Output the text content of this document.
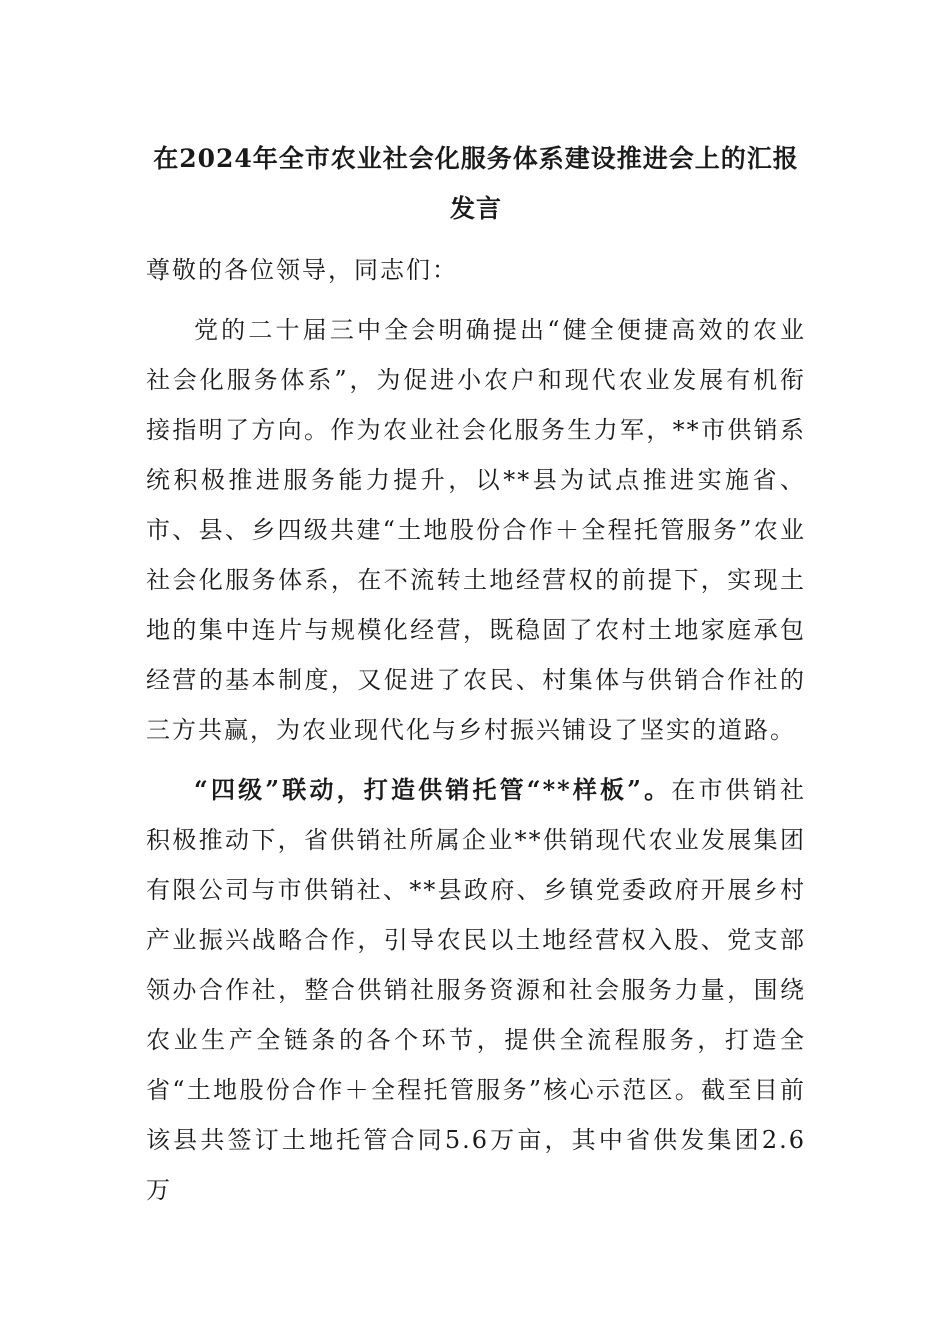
在2024年全市农业社会化服务体系建设推进会上的汇报发言

尊敬的各位领导，同志们：

党的二十届三中全会明确提出“健全便捷高效的农业社会化服务体系”，为促进小农户和现代农业发展有机衔接指明了方向。作为农业社会化服务生力军，**市供销系统积极推进服务能力提升，以**县为试点推进实施省、市、县、乡四级共建“土地股份合作＋全程托管服务”农业社会化服务体系，在不流转土地经营权的前提下，实现土地的集中连片与规模化经营，既稳固了农村土地家庭承包经营的基本制度，又促进了农民、村集体与供销合作社的三方共赢，为农业现代化与乡村振兴铺设了坚实的道路。

“四级”联动，打造供销托管“**样板”。在市供销社积极推动下，省供销社所属企业**供销现代农业发展集团有限公司与市供销社、**县政府、乡镇党委政府开展乡村产业振兴战略合作，引导农民以土地经营权入股、党支部领办合作社，整合供销社服务资源和社会服务力量，围绕农业生产全链条的各个环节，提供全流程服务，打造全省“土地股份合作＋全程托管服务”核心示范区。截至目前该县共签订土地托管合同5.6万亩，其中省供发集团2.6万
